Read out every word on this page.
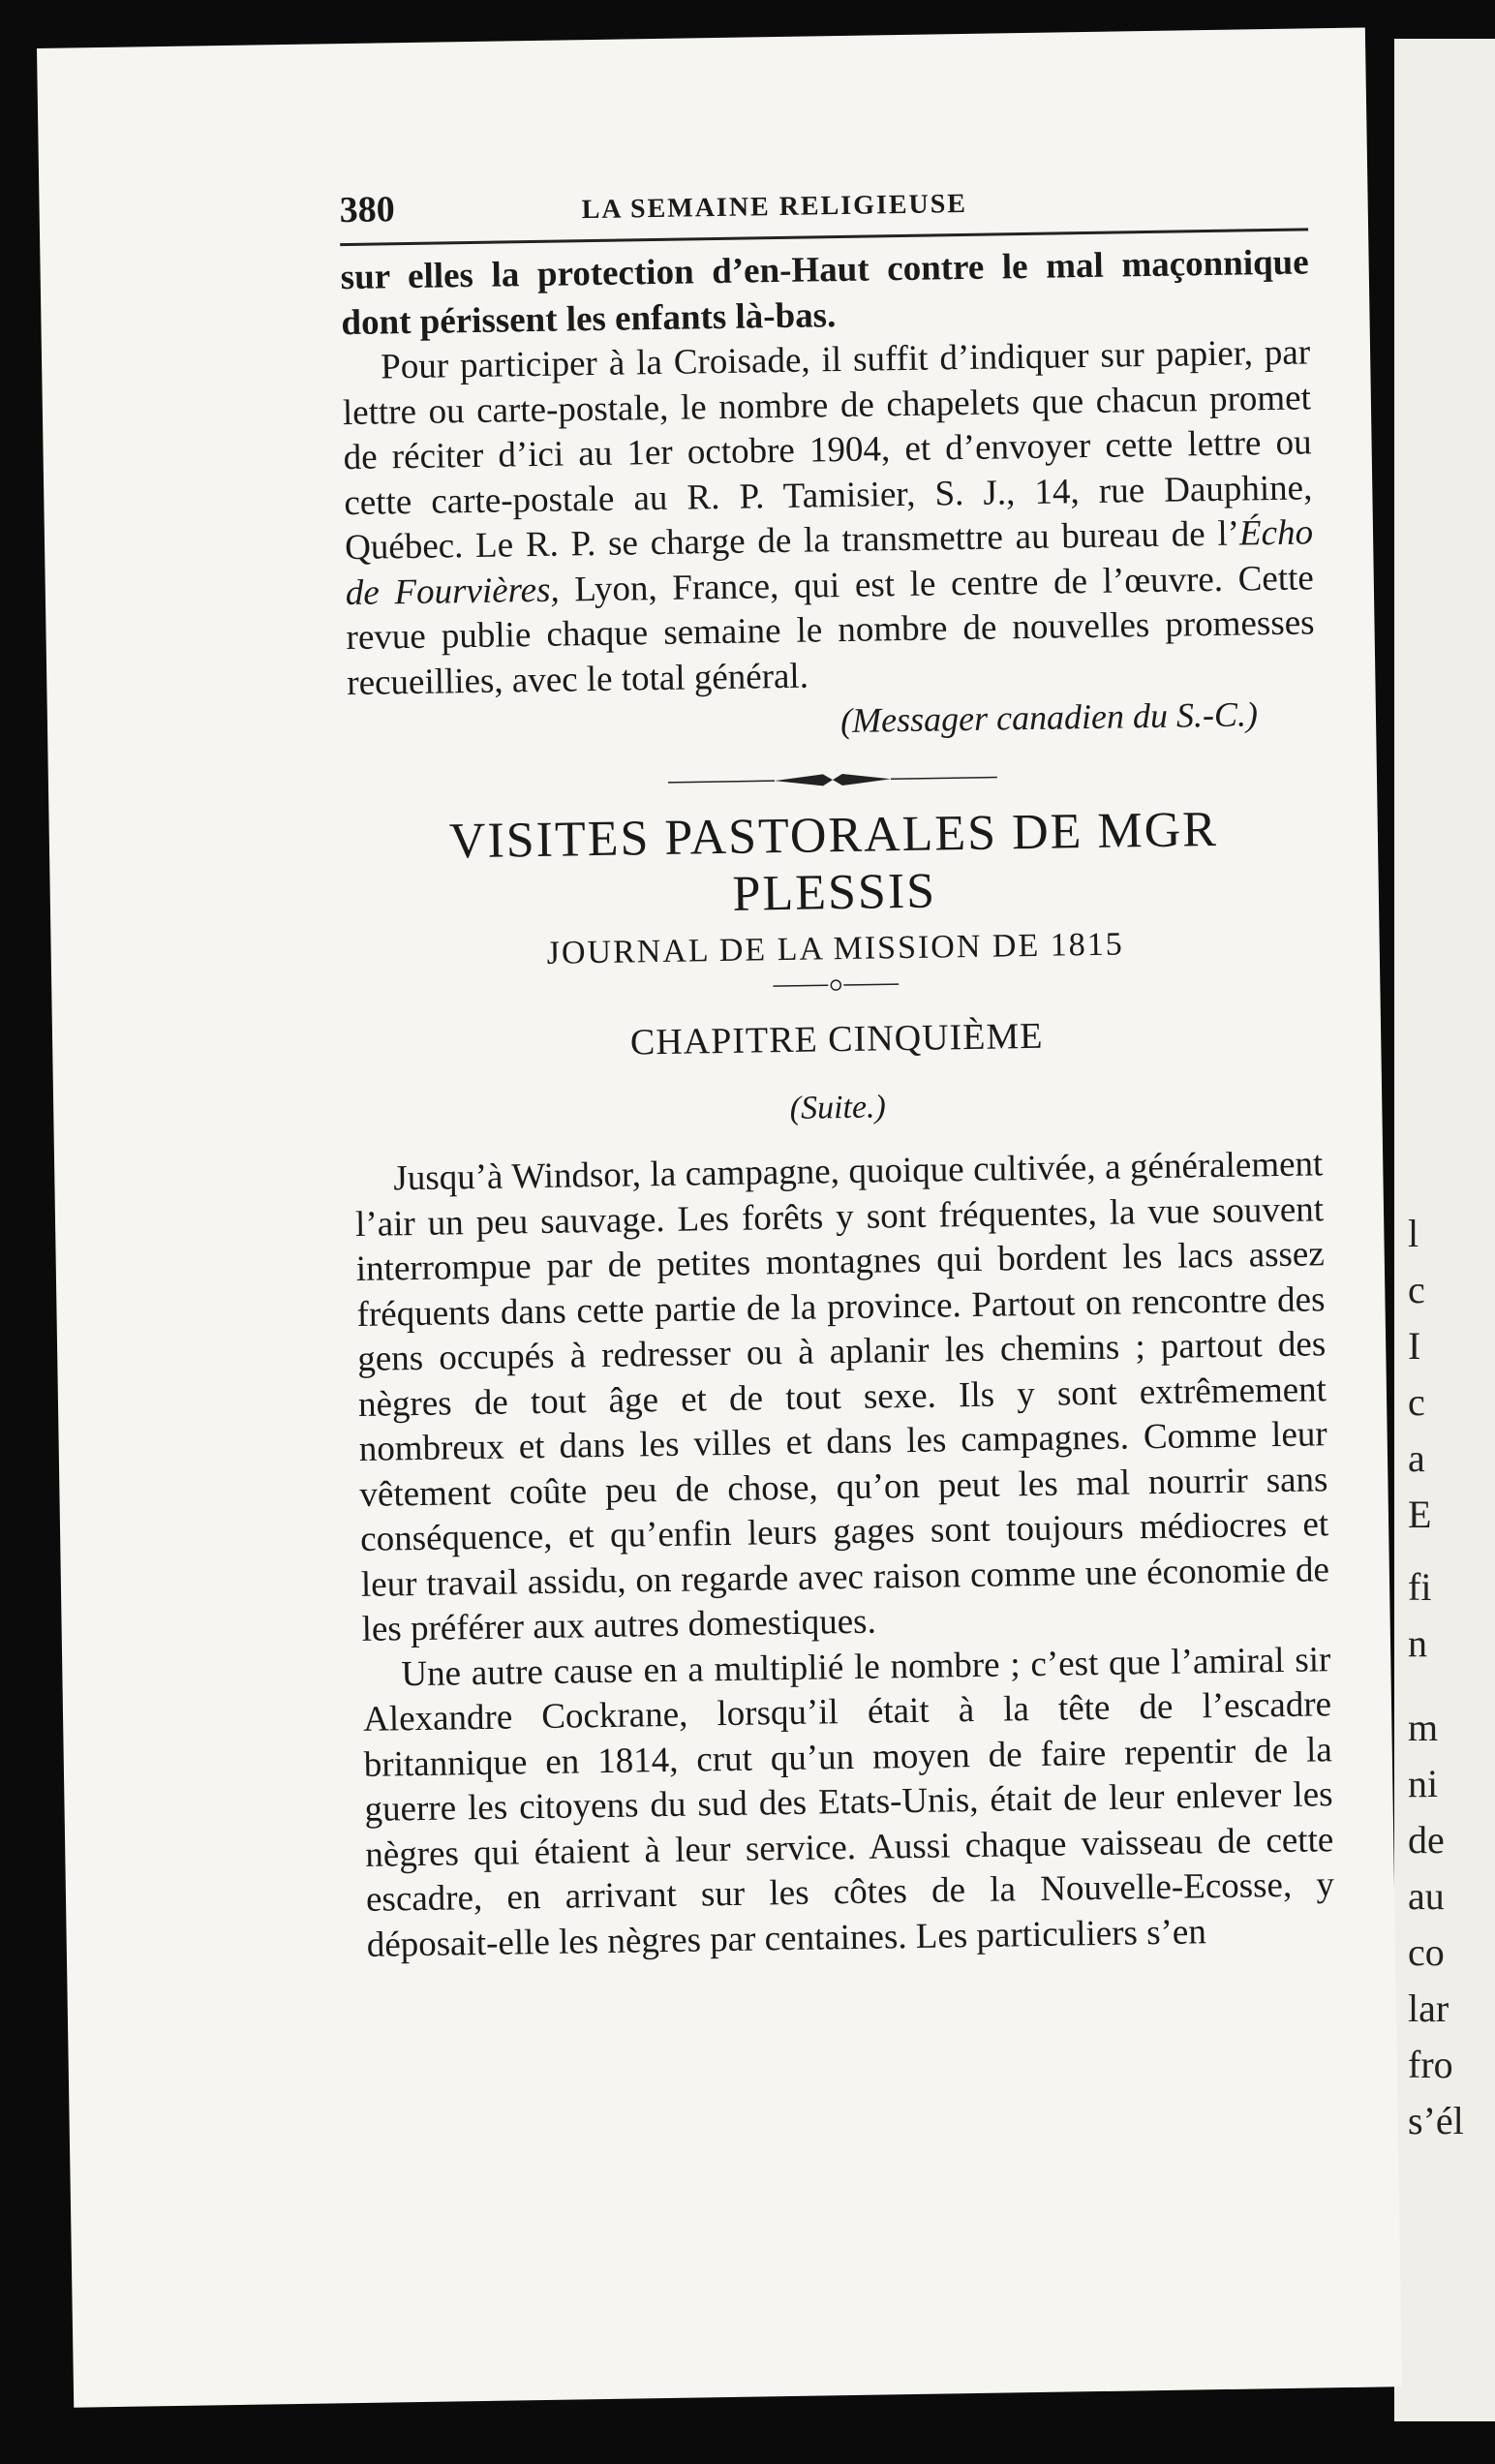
l
c
I
c
a
E
fi
n
m
ni
de
au
co
lar
fro
s’él
380	LA SEMAINE RELIGIEUSE

sur elles la protection d’en-Haut contre le mal maçonnique dont périssent les enfants là-bas.

Pour participer à la Croisade, il suffit d’indiquer sur papier, par lettre ou carte-postale, le nombre de chapelets que chacun promet de réciter d’ici au 1er octobre 1904, et d’envoyer cette lettre ou cette carte-postale au R. P. Tamisier, S. J., 14, rue Dauphine, Québec. Le R. P. se charge de la transmettre au bureau de l’Écho de Fourvières, Lyon, France, qui est le centre de l’œuvre. Cette revue publie chaque semaine le nombre de nouvelles promesses recueillies, avec le total général.

(Messager canadien du S.-C.)
VISITES PASTORALES DE MGR PLESSIS
JOURNAL DE LA MISSION DE 1815
CHAPITRE CINQUIÈME
(Suite.)

Jusqu’à Windsor, la campagne, quoique cultivée, a généralement l’air un peu sauvage. Les forêts y sont fréquentes, la vue souvent interrompue par de petites montagnes qui bordent les lacs assez fréquents dans cette partie de la province. Partout on rencontre des gens occupés à redresser ou à aplanir les chemins ; partout des nègres de tout âge et de tout sexe. Ils y sont extrêmement nombreux et dans les villes et dans les campagnes. Comme leur vêtement coûte peu de chose, qu’on peut les mal nourrir sans conséquence, et qu’enfin leurs gages sont toujours médiocres et leur travail assidu, on regarde avec raison comme une économie de les préférer aux autres domestiques.

Une autre cause en a multiplié le nombre ; c’est que l’amiral sir Alexandre Cockrane, lorsqu’il était à la tête de l’escadre britannique en 1814, crut qu’un moyen de faire repentir de la guerre les citoyens du sud des Etats-Unis, était de leur enlever les nègres qui étaient à leur service. Aussi chaque vaisseau de cette escadre, en arrivant sur les côtes de la Nouvelle-Ecosse, y déposait-elle les nègres par centaines. Les particuliers s’en
